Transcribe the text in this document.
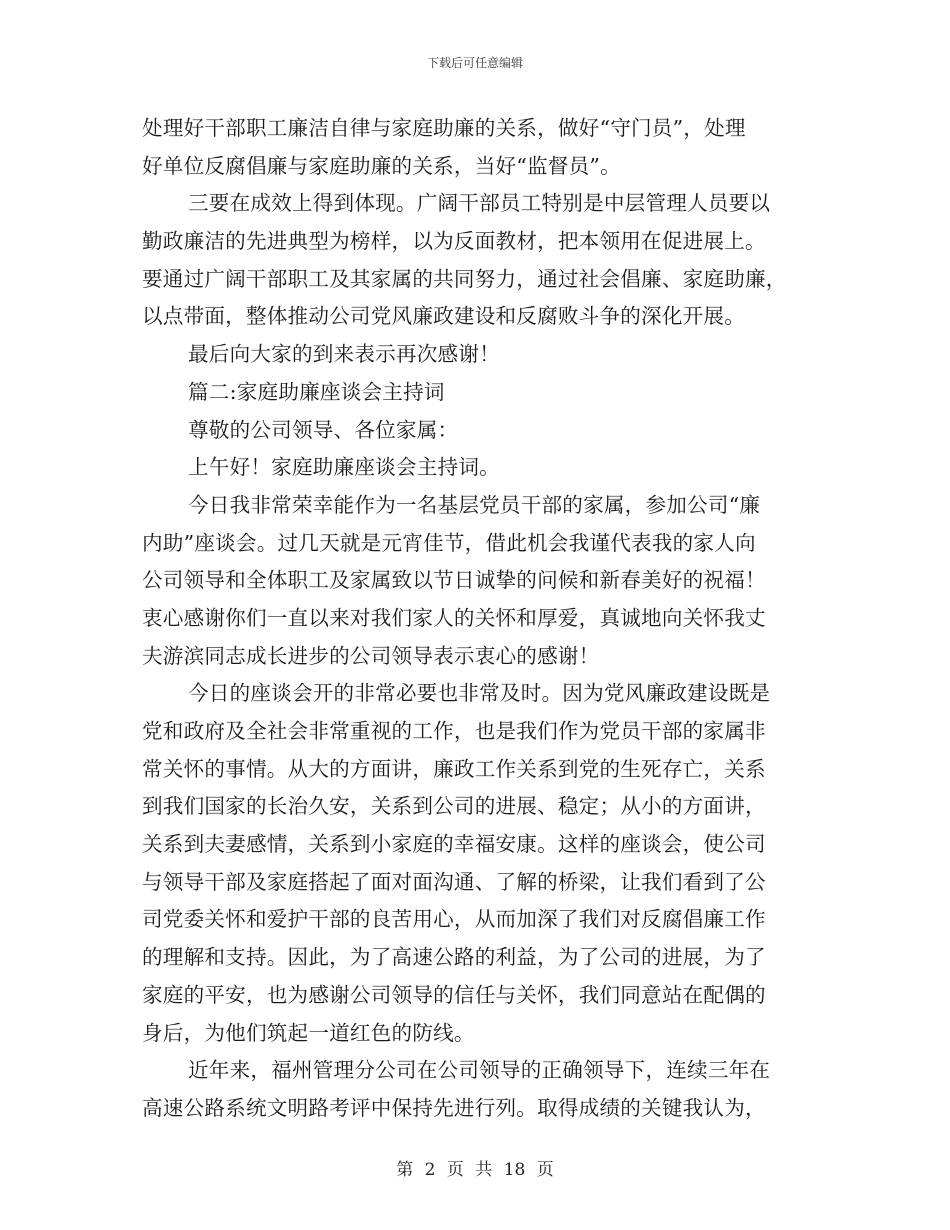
下载后可任意编辑
处理好干部职工廉洁自律与家庭助廉的关系，做好“守门员”，处理
好单位反腐倡廉与家庭助廉的关系，当好“监督员”。
三要在成效上得到体现。广阔干部员工特别是中层管理人员要以
勤政廉洁的先进典型为榜样，以为反面教材，把本领用在促进展上。
要通过广阔干部职工及其家属的共同努力，通过社会倡廉、家庭助廉，
以点带面，整体推动公司党风廉政建设和反腐败斗争的深化开展。
最后向大家的到来表示再次感谢！
篇二:家庭助廉座谈会主持词
尊敬的公司领导、各位家属：
上午好！家庭助廉座谈会主持词。
今日我非常荣幸能作为一名基层党员干部的家属，参加公司“廉
内助”座谈会。过几天就是元宵佳节，借此机会我谨代表我的家人向
公司领导和全体职工及家属致以节日诚挚的问候和新春美好的祝福！
衷心感谢你们一直以来对我们家人的关怀和厚爱，真诚地向关怀我丈
夫游滨同志成长进步的公司领导表示衷心的感谢！
今日的座谈会开的非常必要也非常及时。因为党风廉政建设既是
党和政府及全社会非常重视的工作，也是我们作为党员干部的家属非
常关怀的事情。从大的方面讲，廉政工作关系到党的生死存亡，关系
到我们国家的长治久安，关系到公司的进展、稳定；从小的方面讲，
关系到夫妻感情，关系到小家庭的幸福安康。这样的座谈会，使公司
与领导干部及家庭搭起了面对面沟通、了解的桥梁，让我们看到了公
司党委关怀和爱护干部的良苦用心，从而加深了我们对反腐倡廉工作
的理解和支持。因此，为了高速公路的利益，为了公司的进展，为了
家庭的平安，也为感谢公司领导的信任与关怀，我们同意站在配偶的
身后，为他们筑起一道红色的防线。
近年来，福州管理分公司在公司领导的正确领导下，连续三年在
高速公路系统文明路考评中保持先进行列。取得成绩的关键我认为，
第 2 页 共 18 页
